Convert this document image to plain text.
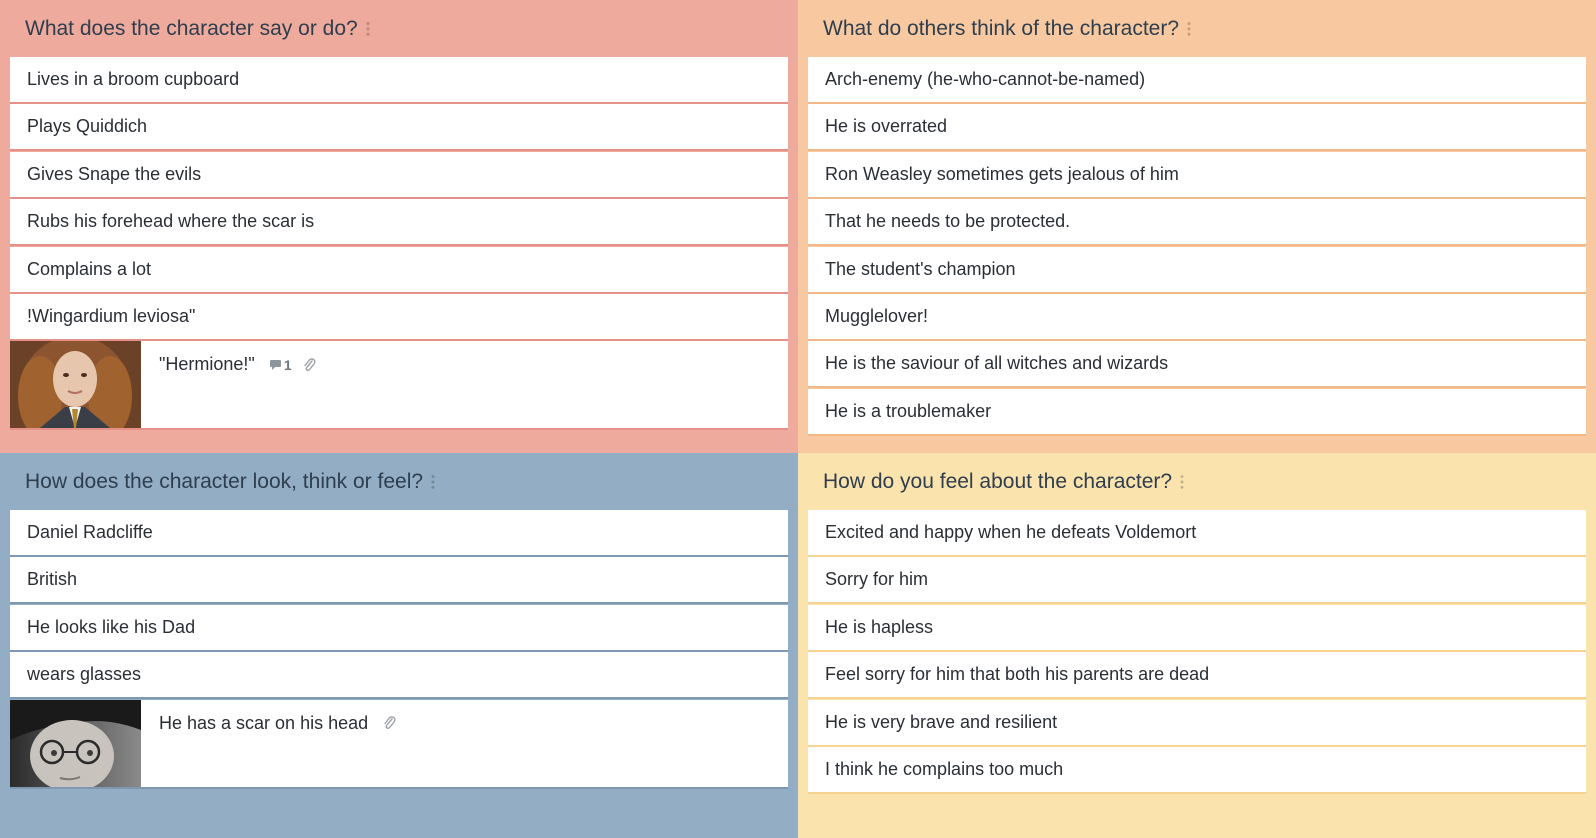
What does the character say or do?
Lives in a broom cupboard
Plays Quiddich
Gives Snape the evils
Rubs his forehead where the scar is
Complains a lot
!Wingardium leviosa"
"Hermione!" 1
What do others think of the character?
Arch-enemy (he-who-cannot-be-named)
He is overrated
Ron Weasley sometimes gets jealous of him
That he needs to be protected.
The student's champion
Mugglelover!
He is the saviour of all witches and wizards
He is a troublemaker
How does the character look, think or feel?
Daniel Radcliffe
British
He looks like his Dad
wears glasses
He has a scar on his head
How do you feel about the character?
Excited and happy when he defeats Voldemort
Sorry for him
He is hapless
Feel sorry for him that both his parents are dead
He is very brave and resilient
I think he complains too much
